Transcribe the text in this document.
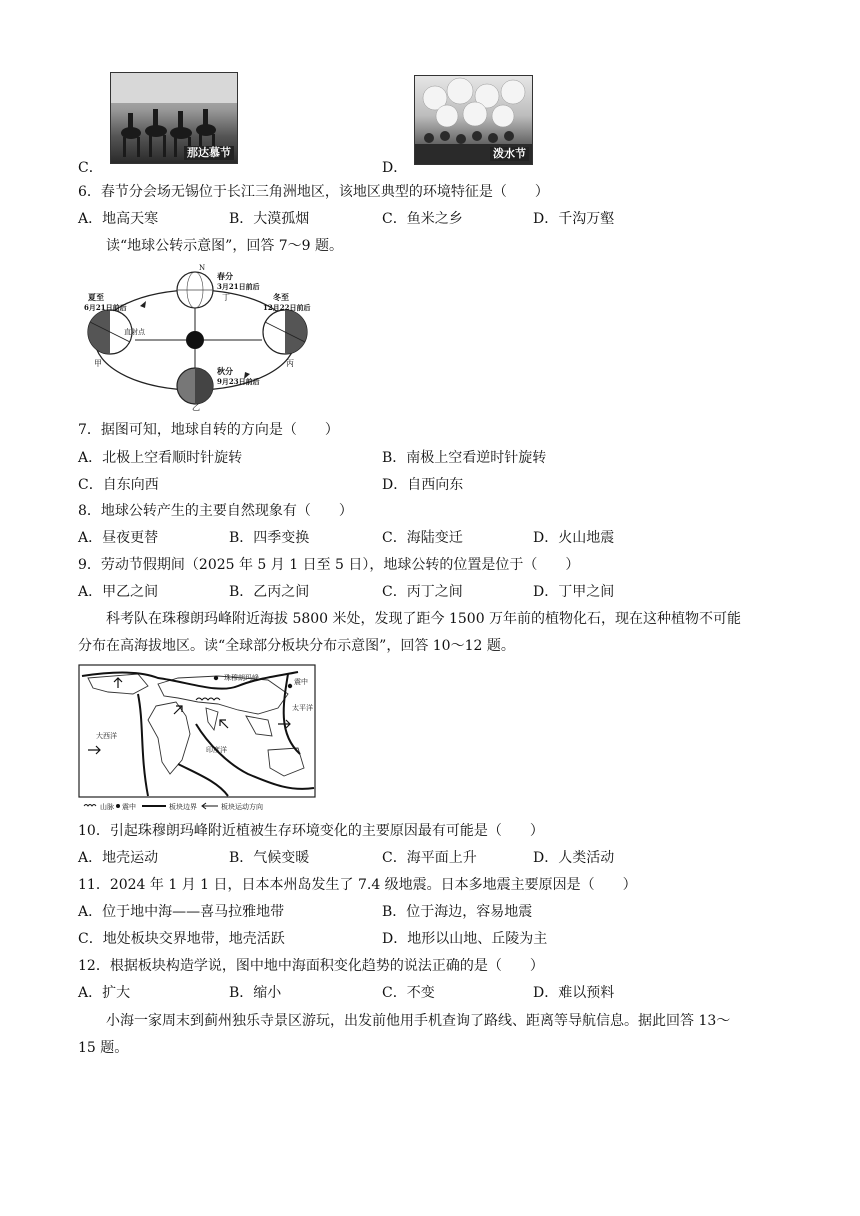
那达慕节
C．
泼水节
D．
6．春节分会场无锡位于长江三角洲地区，该地区典型的环境特征是（　　）
A．地高天寒	B．大漠孤烟	C．鱼米之乡	D．千沟万壑
读“地球公转示意图”，回答 7～9 题。
N
春分
3月21日前后
丁
夏至
6月21日前后
直射点
甲
冬至
12月22日前后
丙
秋分
9月23日前后
乙
7．据图可知，地球自转的方向是（　　）
A．北极上空看顺时针旋转	B．南极上空看逆时针旋转
C．自东向西	D．自西向东
8．地球公转产生的主要自然现象有（　　）
A．昼夜更替	B．四季变换	C．海陆变迁	D．火山地震
9．劳动节假期间（2025 年 5 月 1 日至 5 日），地球公转的位置是位于（　　）
A．甲乙之间	B．乙丙之间	C．丙丁之间	D．丁甲之间
科考队在珠穆朗玛峰附近海拔 5800 米处，发现了距今 1500 万年前的植物化石，现在这种植物不可能
分布在高海拔地区。读“全球部分板块分布示意图”，回答 10～12 题。
珠穆朗玛峰	震中
太平洋
大西洋
印度洋
山脉 震中	板块边界	板块运动方向
10．引起珠穆朗玛峰附近植被生存环境变化的主要原因最有可能是（　　）
A．地壳运动	B．气候变暖	C．海平面上升	D．人类活动
11．2024 年 1 月 1 日，日本本州岛发生了 7.4 级地震。日本多地震主要原因是（　　）
A．位于地中海——喜马拉雅地带	B．位于海边，容易地震
C．地处板块交界地带，地壳活跃	D．地形以山地、丘陵为主
12．根据板块构造学说，图中地中海面积变化趋势的说法正确的是（　　）
A．扩大	B．缩小	C．不变	D．难以预料
小海一家周末到蓟州独乐寺景区游玩，出发前他用手机查询了路线、距离等导航信息。据此回答 13～
15 题。
